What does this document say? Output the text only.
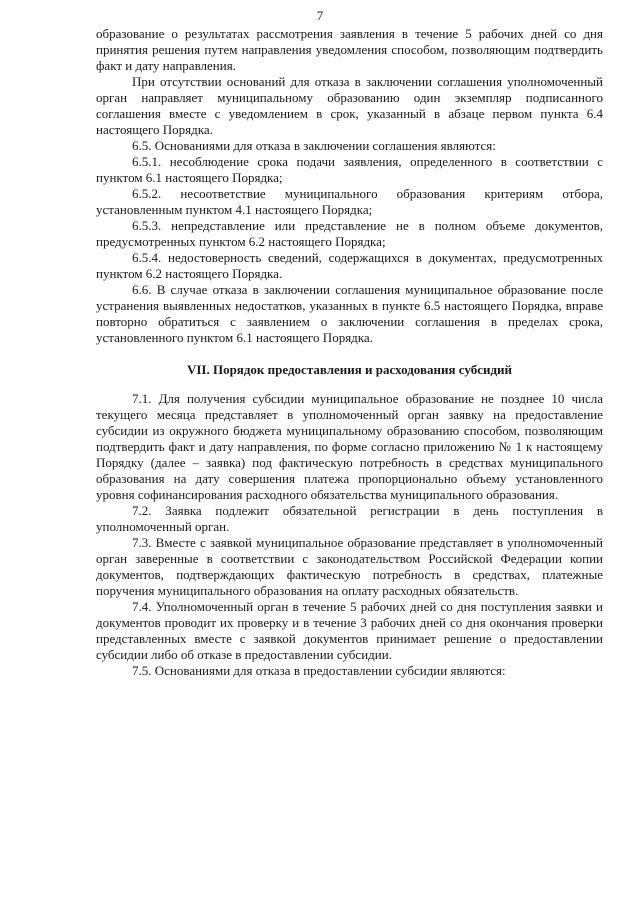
7

образование о результатах рассмотрения заявления в течение 5 рабочих дней со дня принятия решения путем направления уведомления способом, позволяющим подтвердить факт и дату направления.

При отсутствии оснований для отказа в заключении соглашения уполномоченный орган направляет муниципальному образованию один экземпляр подписанного соглашения вместе с уведомлением в срок, указанный в абзаце первом пункта 6.4 настоящего Порядка.

6.5. Основаниями для отказа в заключении соглашения являются:

6.5.1. несоблюдение срока подачи заявления, определенного в соответствии с пунктом 6.1 настоящего Порядка;

6.5.2. несоответствие муниципального образования критериям отбора, установленным пунктом 4.1 настоящего Порядка;

6.5.3. непредставление или представление не в полном объеме документов, предусмотренных пунктом 6.2 настоящего Порядка;

6.5.4. недостоверность сведений, содержащихся в документах, предусмотренных пунктом 6.2 настоящего Порядка.

6.6. В случае отказа в заключении соглашения муниципальное образование после устранения выявленных недостатков, указанных в пункте 6.5 настоящего Порядка, вправе повторно обратиться с заявлением о заключении соглашения в пределах срока, установленного пунктом 6.1 настоящего Порядка.

VII. Порядок предоставления и расходования субсидий

7.1. Для получения субсидии муниципальное образование не позднее 10 числа текущего месяца представляет в уполномоченный орган заявку на предоставление субсидии из окружного бюджета муниципальному образованию способом, позволяющим подтвердить факт и дату направления, по форме согласно приложению № 1 к настоящему Порядку (далее – заявка) под фактическую потребность в средствах муниципального образования на дату совершения платежа пропорционально объему установленного уровня софинансирования расходного обязательства муниципального образования.

7.2. Заявка подлежит обязательной регистрации в день поступления в уполномоченный орган.

7.3. Вместе с заявкой муниципальное образование представляет в уполномоченный орган заверенные в соответствии с законодательством Российской Федерации копии документов, подтверждающих фактическую потребность в средствах, платежные поручения муниципального образования на оплату расходных обязательств.

7.4. Уполномоченный орган в течение 5 рабочих дней со дня поступления заявки и документов проводит их проверку и в течение 3 рабочих дней со дня окончания проверки представленных вместе с заявкой документов принимает решение о предоставлении субсидии либо об отказе в предоставлении субсидии.

7.5. Основаниями для отказа в предоставлении субсидии являются:
